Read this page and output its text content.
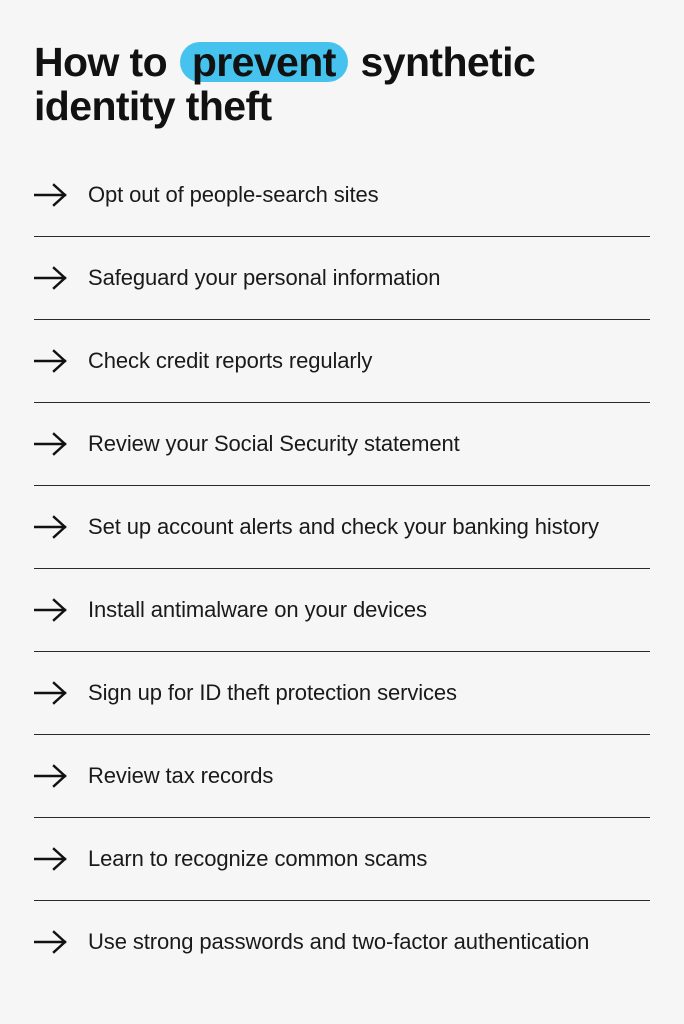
How to prevent synthetic
identity theft
Opt out of people-search sites
Safeguard your personal information
Check credit reports regularly
Review your Social Security statement
Set up account alerts and check your banking history
Install antimalware on your devices
Sign up for ID theft protection services
Review tax records
Learn to recognize common scams
Use strong passwords and two-factor authentication
